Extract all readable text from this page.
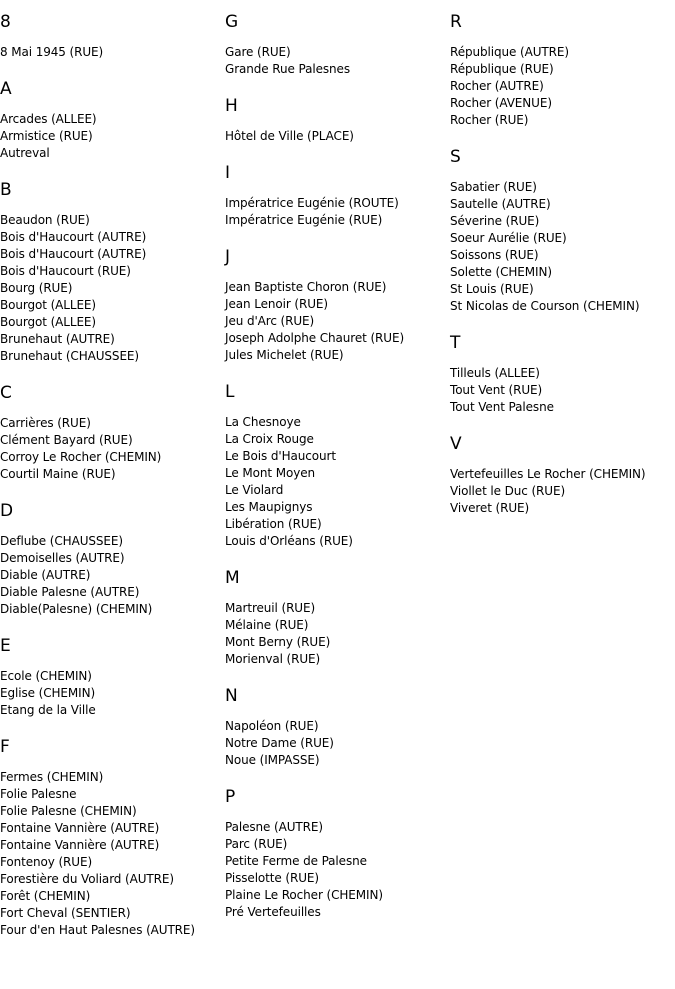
8
8 Mai 1945 (RUE)
A
Arcades (ALLEE)
Armistice (RUE)
Autreval
B
Beaudon (RUE)
Bois d'Haucourt (AUTRE)
Bois d'Haucourt (AUTRE)
Bois d'Haucourt (RUE)
Bourg (RUE)
Bourgot (ALLEE)
Bourgot (ALLEE)
Brunehaut (AUTRE)
Brunehaut (CHAUSSEE)
C
Carrières (RUE)
Clément Bayard (RUE)
Corroy Le Rocher (CHEMIN)
Courtil Maine (RUE)
D
Deflube (CHAUSSEE)
Demoiselles (AUTRE)
Diable (AUTRE)
Diable Palesne (AUTRE)
Diable(Palesne) (CHEMIN)
E
Ecole (CHEMIN)
Eglise (CHEMIN)
Etang de la Ville
F
Fermes (CHEMIN)
Folie Palesne
Folie Palesne (CHEMIN)
Fontaine Vannière (AUTRE)
Fontaine Vannière (AUTRE)
Fontenoy (RUE)
Forestière du Voliard (AUTRE)
Forêt (CHEMIN)
Fort Cheval (SENTIER)
Four d'en Haut Palesnes (AUTRE)
G
Gare (RUE)
Grande Rue Palesnes
H
Hôtel de Ville (PLACE)
I
Impératrice Eugénie (ROUTE)
Impératrice Eugénie (RUE)
J
Jean Baptiste Choron (RUE)
Jean Lenoir (RUE)
Jeu d'Arc (RUE)
Joseph Adolphe Chauret (RUE)
Jules Michelet (RUE)
L
La Chesnoye
La Croix Rouge
Le Bois d'Haucourt
Le Mont Moyen
Le Violard
Les Maupignys
Libération (RUE)
Louis d'Orléans (RUE)
M
Martreuil (RUE)
Mélaine (RUE)
Mont Berny (RUE)
Morienval (RUE)
N
Napoléon (RUE)
Notre Dame (RUE)
Noue (IMPASSE)
P
Palesne (AUTRE)
Parc (RUE)
Petite Ferme de Palesne
Pisselotte (RUE)
Plaine Le Rocher (CHEMIN)
Pré Vertefeuilles
R
République (AUTRE)
République (RUE)
Rocher (AUTRE)
Rocher (AVENUE)
Rocher (RUE)
S
Sabatier (RUE)
Sautelle (AUTRE)
Séverine (RUE)
Soeur Aurélie (RUE)
Soissons (RUE)
Solette (CHEMIN)
St Louis (RUE)
St Nicolas de Courson (CHEMIN)
T
Tilleuls (ALLEE)
Tout Vent (RUE)
Tout Vent Palesne
V
Vertefeuilles Le Rocher (CHEMIN)
Viollet le Duc (RUE)
Viveret (RUE)
